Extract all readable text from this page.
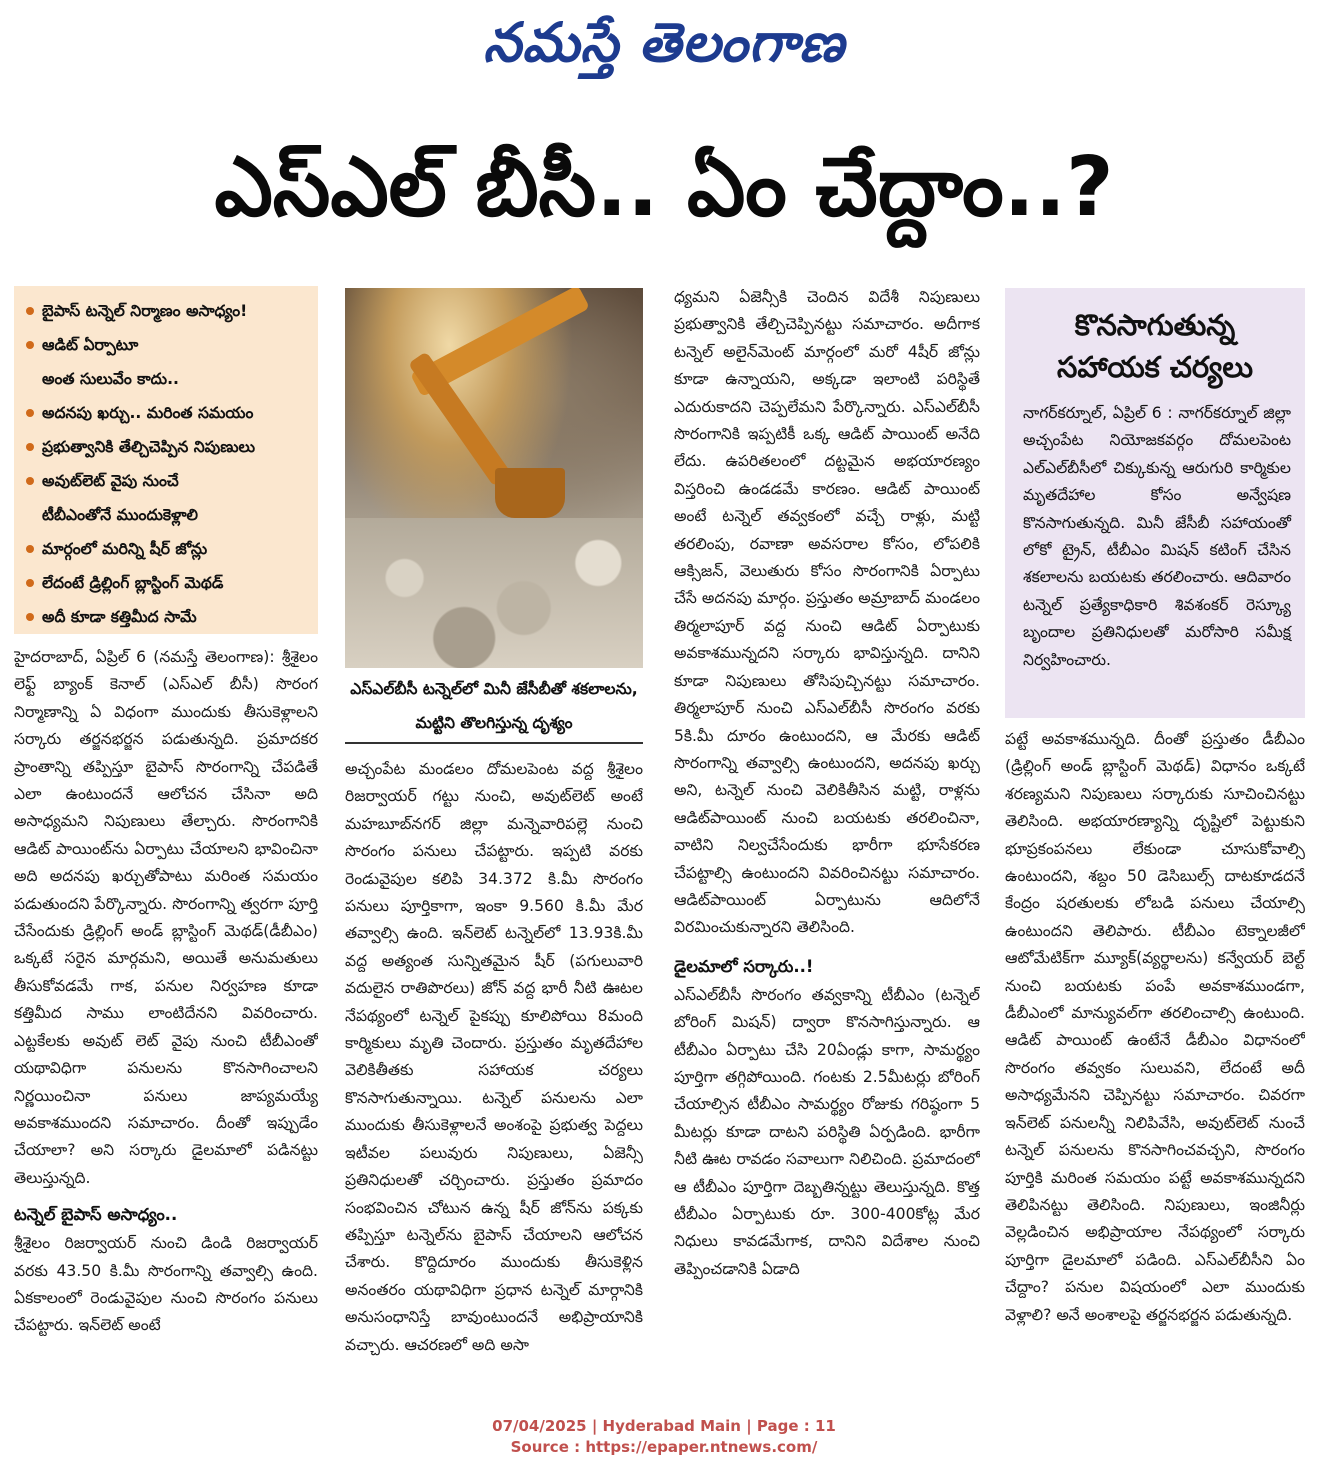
నమస్తే తెలంగాణ
ఎస్ఎల్ బీసీ.. ఏం చేద్దాం..?
బైపాస్ టన్నెల్ నిర్మాణం అసాధ్యం!
ఆడిట్ ఏర్పాటూ
అంత సులువేం కాదు..
అదనపు ఖర్చు.. మరింత సమయం
ప్రభుత్వానికి తేల్చిచెప్పిన నిపుణులు
అవుట్‌లెట్ వైపు నుంచే
టీబీఎంతోనే ముందుకెళ్లాలి
మార్గంలో మరిన్ని షీర్ జోన్లు
లేదంటే డ్రిల్లింగ్ బ్లాస్టింగ్ మెథడ్
అదీ కూడా కత్తిమీద సామే

హైదరాబాద్, ఏప్రిల్ 6 (నమస్తే తెలంగాణ): శ్రీశైలం లెఫ్ట్ బ్యాంక్ కెనాల్ (ఎస్ఎల్ బీసీ) సొరంగ నిర్మాణాన్ని ఏ విధంగా ముందుకు తీసుకెళ్లాలని సర్కారు తర్జనభర్జన పడుతున్నది. ప్రమాదకర ప్రాంతాన్ని తప్పిస్తూ బైపాస్ సొరంగాన్ని చేపడితే ఎలా ఉంటుందనే ఆలోచన చేసినా అది అసాధ్యమని నిపుణులు తేల్చారు. సొరంగానికి ఆడిట్ పాయింట్‌ను ఏర్పాటు చేయాలని భావించినా అది అదనపు ఖర్చుతోపాటు మరింత సమయం పడుతుందని పేర్కొన్నారు. సొరంగాన్ని త్వరగా పూర్తి చేసేందుకు డ్రిల్లింగ్ అండ్ బ్లాస్టింగ్ మెథడ్(డీబీఎం) ఒక్కటే సరైన మార్గమని, అయితే అనుమతులు తీసుకోవడమే గాక, పనుల నిర్వహణ కూడా కత్తిమీద సాము లాంటిదేనని వివరించారు. ఎట్టకేలకు అవుట్ లెట్ వైపు నుంచి టీబీఎంతో యథావిధిగా పనులను కొనసాగించాలని నిర్ణయించినా పనులు జాప్యమయ్యే అవకాశముందని సమాచారం. దీంతో ఇప్పుడేం చేయాలా? అని సర్కారు డైలమాలో పడినట్టు తెలుస్తున్నది.

టన్నెల్ బైపాస్ అసాధ్యం..

శ్రీశైలం రిజర్వాయర్ నుంచి డిండి రిజర్వాయర్ వరకు 43.50 కి.మీ సొరంగాన్ని తవ్వాల్సి ఉంది. ఏకకాలంలో రెండువైపుల నుంచి సొరంగం పనులు చేపట్టారు. ఇన్‌లెట్ అంటే

ఎస్ఎల్‌బీసీ టన్నెల్‌లో మినీ జేసీబీతో శకలాలను, మట్టిని తొలగిస్తున్న దృశ్యం

అచ్చంపేట మండలం దోమలపెంట వద్ద శ్రీశైలం రిజర్వాయర్ గట్టు నుంచి, అవుట్‌లెట్ అంటే మహబూబ్‌నగర్ జిల్లా మన్నెవారిపల్లె నుంచి సొరంగం పనులు చేపట్టారు. ఇప్పటి వరకు రెండువైపుల కలిపి 34.372 కి.మీ సొరంగం పనులు పూర్తికాగా, ఇంకా 9.560 కి.మీ మేర తవ్వాల్సి ఉంది. ఇన్‌లెట్ టన్నెల్‌లో 13.93కి.మీ వద్ద అత్యంత సున్నితమైన షీర్ (పగులువారి వదులైన రాతిపొరలు) జోన్ వద్ద భారీ నీటి ఊటల నేపథ్యంలో టన్నెల్ పైకప్పు కూలిపోయి 8మంది కార్మికులు మృతి చెందారు. ప్రస్తుతం మృతదేహాల వెలికితీతకు సహాయక చర్యలు కొనసాగుతున్నాయి. టన్నెల్ పనులను ఎలా ముందుకు తీసుకెళ్లాలనే అంశంపై ప్రభుత్వ పెద్దలు ఇటీవల పలువురు నిపుణులు, ఏజెన్సీ ప్రతినిధులతో చర్చించారు. ప్రస్తుతం ప్రమాదం సంభవించిన చోటున ఉన్న షీర్ జోన్‌ను పక్కకు తప్పిస్తూ టన్నెల్‌ను బైపాస్ చేయాలని ఆలోచన చేశారు. కొద్దిదూరం ముందుకు తీసుకెళ్లిన అనంతరం యథావిధిగా ప్రధాన టన్నెల్ మార్గానికి అనుసంధానిస్తే బావుంటుందనే అభిప్రాయానికి వచ్చారు. ఆచరణలో అది అసా

ధ్యమని ఏజెన్సీకి చెందిన విదేశీ నిపుణులు ప్రభుత్వానికి తేల్చిచెప్పినట్టు సమాచారం. అదీగాక టన్నెల్ అలైన్‌మెంట్ మార్గంలో మరో 4షీర్ జోన్లు కూడా ఉన్నాయని, అక్కడా ఇలాంటి పరిస్థితే ఎదురుకాదని చెప్పలేమని పేర్కొన్నారు. ఎస్ఎల్‌బీసీ సొరంగానికి ఇప్పటికీ ఒక్క ఆడిట్ పాయింట్ అనేది లేదు. ఉపరితలంలో దట్టమైన అభయారణ్యం విస్తరించి ఉండడమే కారణం. ఆడిట్ పాయింట్ అంటే టన్నెల్ తవ్వకంలో వచ్చే రాళ్లు, మట్టి తరలింపు, రవాణా అవసరాల కోసం, లోపలికి ఆక్సిజన్, వెలుతురు కోసం సొరంగానికి ఏర్పాటు చేసే అదనపు మార్గం. ప్రస్తుతం అమ్రాబాద్ మండలం తిర్మలాపూర్ వద్ద నుంచి ఆడిట్ ఏర్పాటుకు అవకాశమున్నదని సర్కారు భావిస్తున్నది. దానిని కూడా నిపుణులు తోసిపుచ్చినట్టు సమాచారం. తిర్మలాపూర్ నుంచి ఎస్ఎల్‌బీసీ సొరంగం వరకు 5కి.మీ దూరం ఉంటుందని, ఆ మేరకు ఆడిట్ సొరంగాన్ని తవ్వాల్సి ఉంటుందని, అదనపు ఖర్చు అని, టన్నెల్ నుంచి వెలికితీసిన మట్టి, రాళ్లను ఆడిట్‌పాయింట్ నుంచి బయటకు తరలించినా, వాటిని నిల్వచేసేందుకు భారీగా భూసేకరణ చేపట్టాల్సి ఉంటుందని వివరించినట్టు సమాచారం. ఆడిట్‌పాయింట్ ఏర్పాటును ఆదిలోనే విరమించుకున్నారని తెలిసింది.

డైలమాలో సర్కారు..!

ఎస్ఎల్‌బీసీ సొరంగం తవ్వకాన్ని టీబీఎం (టన్నెల్ బోరింగ్ మిషన్) ద్వారా కొనసాగిస్తున్నారు. ఆ టీబీఎం ఏర్పాటు చేసి 20ఏండ్లు కాగా, సామర్థ్యం పూర్తిగా తగ్గిపోయింది. గంటకు 2.5మీటర్లు బోరింగ్ చేయాల్సిన టీబీఎం సామర్థ్యం రోజుకు గరిష్ఠంగా 5 మీటర్లు కూడా దాటని పరిస్థితి ఏర్పడింది. భారీగా నీటి ఊట రావడం సవాలుగా నిలిచింది. ప్రమాదంలో ఆ టీబీఎం పూర్తిగా దెబ్బతిన్నట్టు తెలుస్తున్నది. కొత్త టీబీఎం ఏర్పాటుకు రూ. 300-400కోట్ల మేర నిధులు కావడమేగాక, దానిని విదేశాల నుంచి తెప్పించడానికి ఏడాది

కొనసాగుతున్న
సహాయక చర్యలు

నాగర్‌కర్నూల్, ఏప్రిల్ 6 : నాగర్‌కర్నూల్ జిల్లా అచ్చంపేట నియోజకవర్గం దోమలపెంట ఎల్ఎల్‌బీసీలో చిక్కుకున్న ఆరుగురి కార్మికుల మృతదేహాల కోసం అన్వేషణ కొనసాగుతున్నది. మినీ జేసీబీ సహాయంతో లోకో ట్రైన్, టీబీఎం మిషన్ కటింగ్ చేసిన శకలాలను బయటకు తరలించారు. ఆదివారం టన్నెల్ ప్రత్యేకాధికారి శివశంకర్ రెస్క్యూ బృందాల ప్రతినిధులతో మరోసారి సమీక్ష నిర్వహించారు.

పట్టే అవకాశమున్నది. దీంతో ప్రస్తుతం డీబీఎం (డ్రిల్లింగ్ అండ్ బ్లాస్టింగ్ మెథడ్) విధానం ఒక్కటే శరణ్యమని నిపుణులు సర్కారుకు సూచించినట్టు తెలిసింది. అభయారణ్యాన్ని దృష్టిలో పెట్టుకుని భూప్రకంపనలు లేకుండా చూసుకోవాల్సి ఉంటుందని, శబ్దం 50 డెసిబుల్స్ దాటకూడదనే కేంద్రం షరతులకు లోబడి పనులు చేయాల్సి ఉంటుందని తెలిపారు. టీబీఎం టెక్నాలజీలో ఆటోమేటిక్‌గా మ్యూక్(వ్యర్థాలను) కన్వేయర్ బెల్ట్ నుంచి బయటకు పంపే అవకాశముండగా, డీబీఎంలో మాన్యువల్‌గా తరలించాల్సి ఉంటుంది. ఆడిట్ పాయింట్ ఉంటేనే డీబీఎం విధానంలో సొరంగం తవ్వకం సులువని, లేదంటే అదీ అసాధ్యమేనని చెప్పినట్టు సమాచారం. చివరగా ఇన్‌లెట్ పనులన్నీ నిలిపివేసి, అవుట్‌లెట్ నుంచే టన్నెల్ పనులను కొనసాగించవచ్చని, సొరంగం పూర్తికి మరింత సమయం పట్టే అవకాశమున్నదని తెలిపినట్టు తెలిసింది. నిపుణులు, ఇంజినీర్లు వెల్లడించిన అభిప్రాయాల నేపథ్యంలో సర్కారు పూర్తిగా డైలమాలో పడింది. ఎస్ఎల్‌బీసీని ఏం చేద్దాం? పనుల విషయంలో ఎలా ముందుకు వెళ్లాలి? అనే అంశాలపై తర్జనభర్జన పడుతున్నది.

07/04/2025 | Hyderabad Main | Page : 11
Source : https://epaper.ntnews.com/
